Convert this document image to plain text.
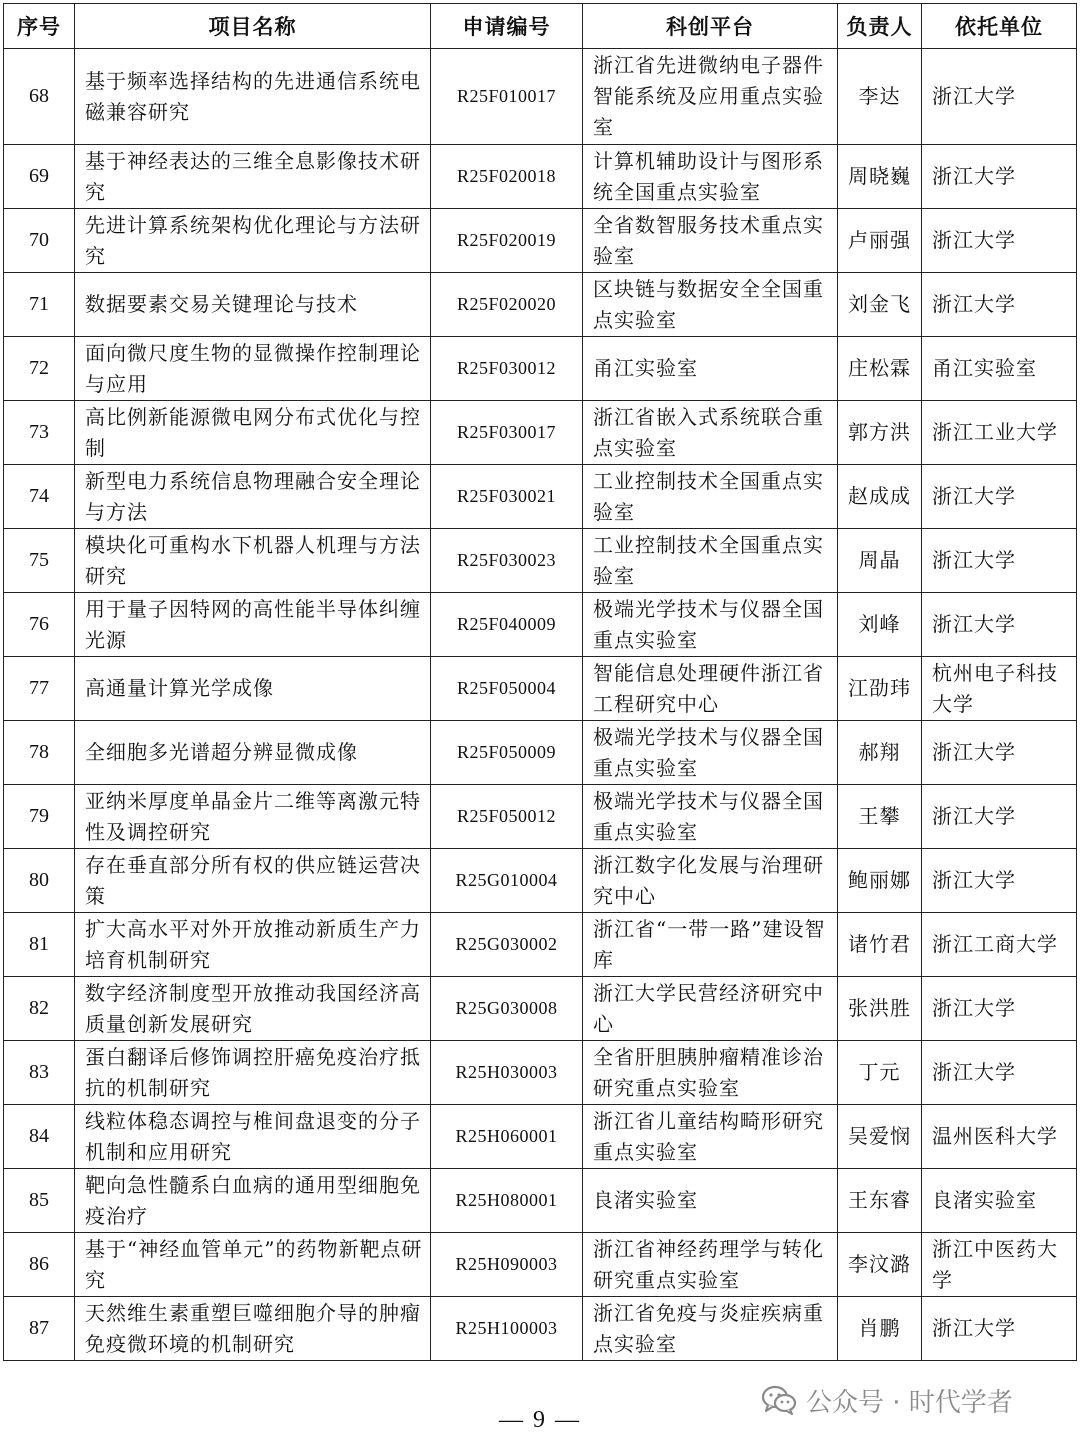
序号	项目名称	申请编号	科创平台	负责人	依托单位
68	基于频率选择结构的先进通信系统电磁兼容研究	R25F010017	浙江省先进微纳电子器件智能系统及应用重点实验室	李达	浙江大学
69	基于神经表达的三维全息影像技术研究	R25F020018	计算机辅助设计与图形系统全国重点实验室	周晓巍	浙江大学
70	先进计算系统架构优化理论与方法研究	R25F020019	全省数智服务技术重点实验室	卢丽强	浙江大学
71	数据要素交易关键理论与技术	R25F020020	区块链与数据安全全国重点实验室	刘金飞	浙江大学
72	面向微尺度生物的显微操作控制理论与应用	R25F030012	甬江实验室	庄松霖	甬江实验室
73	高比例新能源微电网分布式优化与控制	R25F030017	浙江省嵌入式系统联合重点实验室	郭方洪	浙江工业大学
74	新型电力系统信息物理融合安全理论与方法	R25F030021	工业控制技术全国重点实验室	赵成成	浙江大学
75	模块化可重构水下机器人机理与方法研究	R25F030023	工业控制技术全国重点实验室	周晶	浙江大学
76	用于量子因特网的高性能半导体纠缠光源	R25F040009	极端光学技术与仪器全国重点实验室	刘峰	浙江大学
77	高通量计算光学成像	R25F050004	智能信息处理硬件浙江省工程研究中心	江劭玮	杭州电子科技大学
78	全细胞多光谱超分辨显微成像	R25F050009	极端光学技术与仪器全国重点实验室	郝翔	浙江大学
79	亚纳米厚度单晶金片二维等离激元特性及调控研究	R25F050012	极端光学技术与仪器全国重点实验室	王攀	浙江大学
80	存在垂直部分所有权的供应链运营决策	R25G010004	浙江数字化发展与治理研究中心	鲍丽娜	浙江大学
81	扩大高水平对外开放推动新质生产力培育机制研究	R25G030002	浙江省“一带一路”建设智库	诸竹君	浙江工商大学
82	数字经济制度型开放推动我国经济高质量创新发展研究	R25G030008	浙江大学民营经济研究中心	张洪胜	浙江大学
83	蛋白翻译后修饰调控肝癌免疫治疗抵抗的机制研究	R25H030003	全省肝胆胰肿瘤精准诊治研究重点实验室	丁元	浙江大学
84	线粒体稳态调控与椎间盘退变的分子机制和应用研究	R25H060001	浙江省儿童结构畸形研究重点实验室	吴爱悯	温州医科大学
85	靶向急性髓系白血病的通用型细胞免疫治疗	R25H080001	良渚实验室	王东睿	良渚实验室
86	基于“神经血管单元”的药物新靶点研究	R25H090003	浙江省神经药理学与转化研究重点实验室	李汶潞	浙江中医药大学
87	天然维生素重塑巨噬细胞介导的肿瘤免疫微环境的机制研究	R25H100003	浙江省免疫与炎症疾病重点实验室	肖鹏	浙江大学
公众号 · 时代学者
— 9 —
